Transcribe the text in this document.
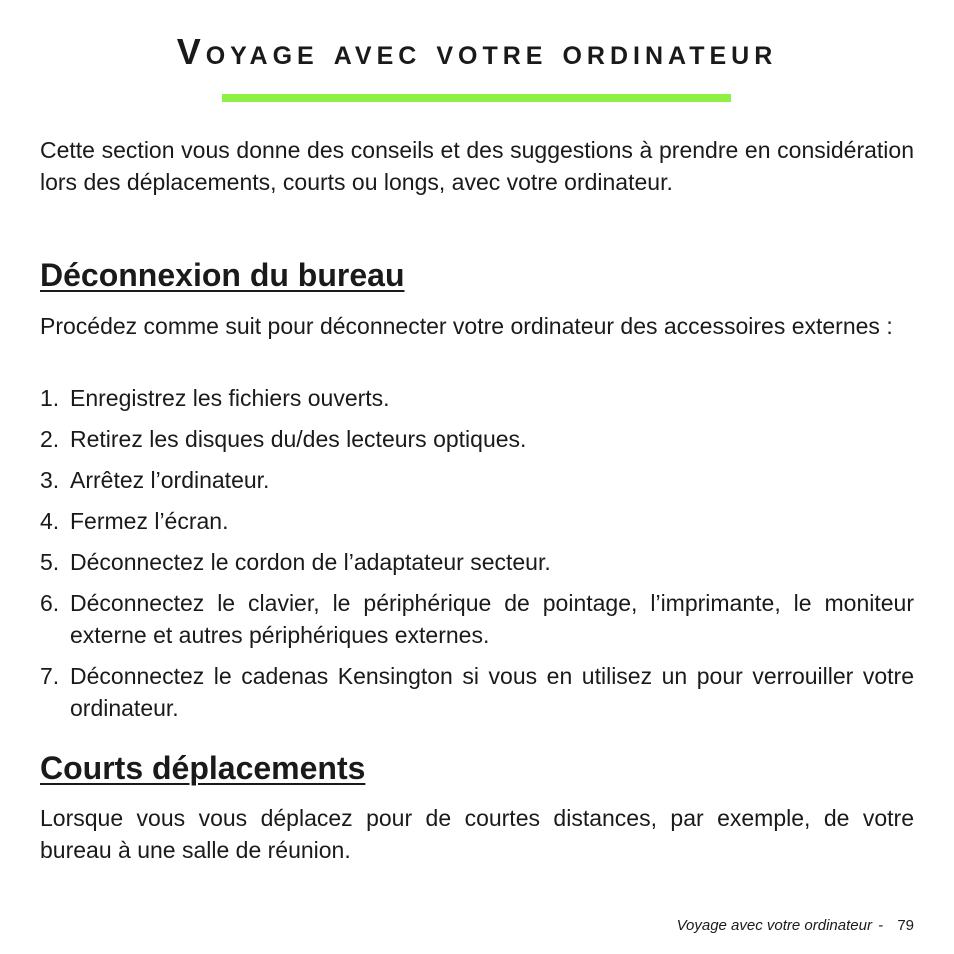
Voyage avec votre ordinateur

Cette section vous donne des conseils et des suggestions à prendre en considération lors des déplacements, courts ou longs, avec votre ordinateur.

Déconnexion du bureau

Procédez comme suit pour déconnecter votre ordinateur des accessoires externes :

1. Enregistrez les fichiers ouverts.
2. Retirez les disques du/des lecteurs optiques.
3. Arrêtez l’ordinateur.
4. Fermez l’écran.
5. Déconnectez le cordon de l’adaptateur secteur.
6. Déconnectez le clavier, le périphérique de pointage, l’imprimante, le moniteur externe et autres périphériques externes.
7. Déconnectez le cadenas Kensington si vous en utilisez un pour verrouiller votre ordinateur.
Courts déplacements

Lorsque vous vous déplacez pour de courtes distances, par exemple, de votre bureau à une salle de réunion.

Voyage avec votre ordinateur - 79
